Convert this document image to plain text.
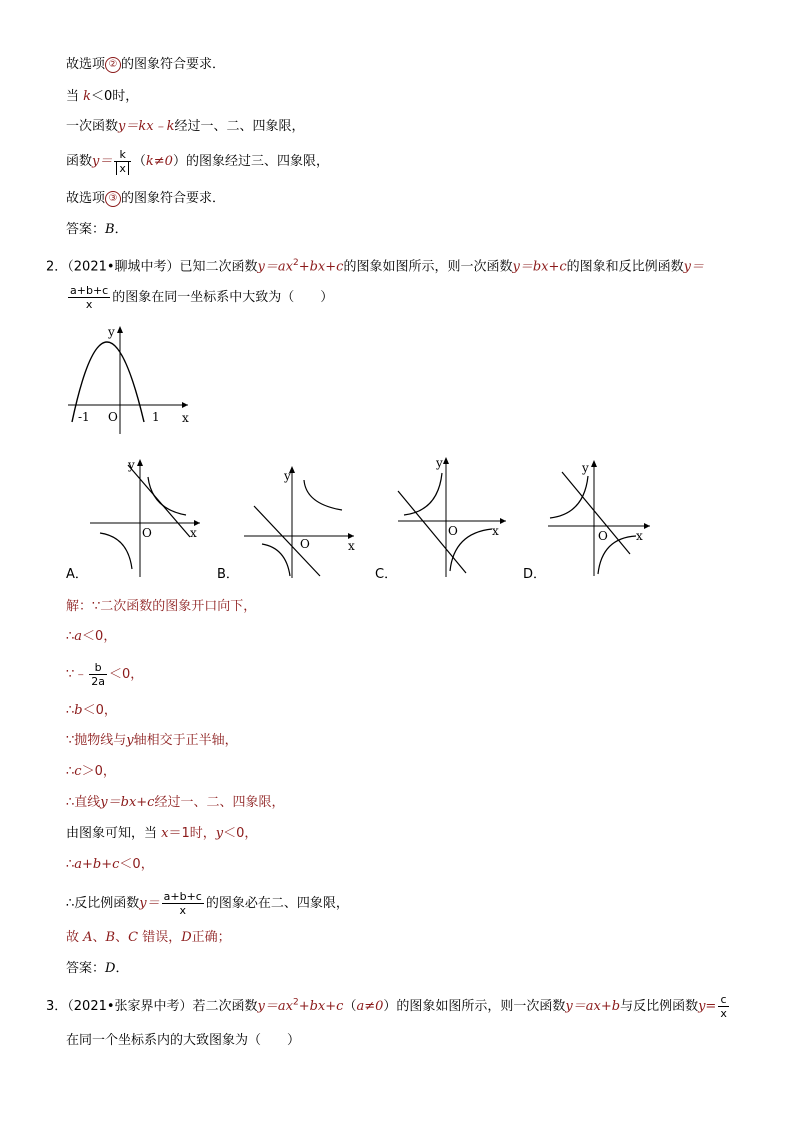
故选项 ② 的图象符合要求．
当 k＜0时，
一次函数y＝kx﹣k经过一、二、四象限，
函数$y= \frac{k}{x} (k\ne 0)$的图象经过三、四象限，
故选项 ③ 的图象符合要求．
答案：B．
2．（2021•聊城中考）已知二次函数$y=ax^2+bx+c$的图象如图所示，则一次函数y＝bx+c的图象和反比例函数y＝
$\frac{a+b+c}{x}$ 的图象在同一坐标系中大致为（　　）
y
x
O
-1	1
y
x
O
A．
y
x
O
B．
y
x
O
C．
y
x
O
D．
解：∵二次函数的图象开口向下，
∴a＜0，
∵﹣ $\frac{b}{2a} <0$，
∴b＜0，
∵抛物线与y轴相交于正半轴，
∴c＞0，
∴直线y＝bx+c经过一、二、四象限，
由图象可知，当 x＝1时，y＜0，
∴a+b+c＜0，
∴反比例函数$y= \frac{a+b+c}{x}$ 的图象必在二、四象限，
故 A、B、C 错误，D正确；
答案：D．
3．（2021•张家界中考）若二次函数$y=ax^2+bx+c(a\ne 0)$的图象如图所示，则一次函数y＝ax+b与反比例函数$y= \frac{c}{x}$
在同一个坐标系内的大致图象为（　　）
